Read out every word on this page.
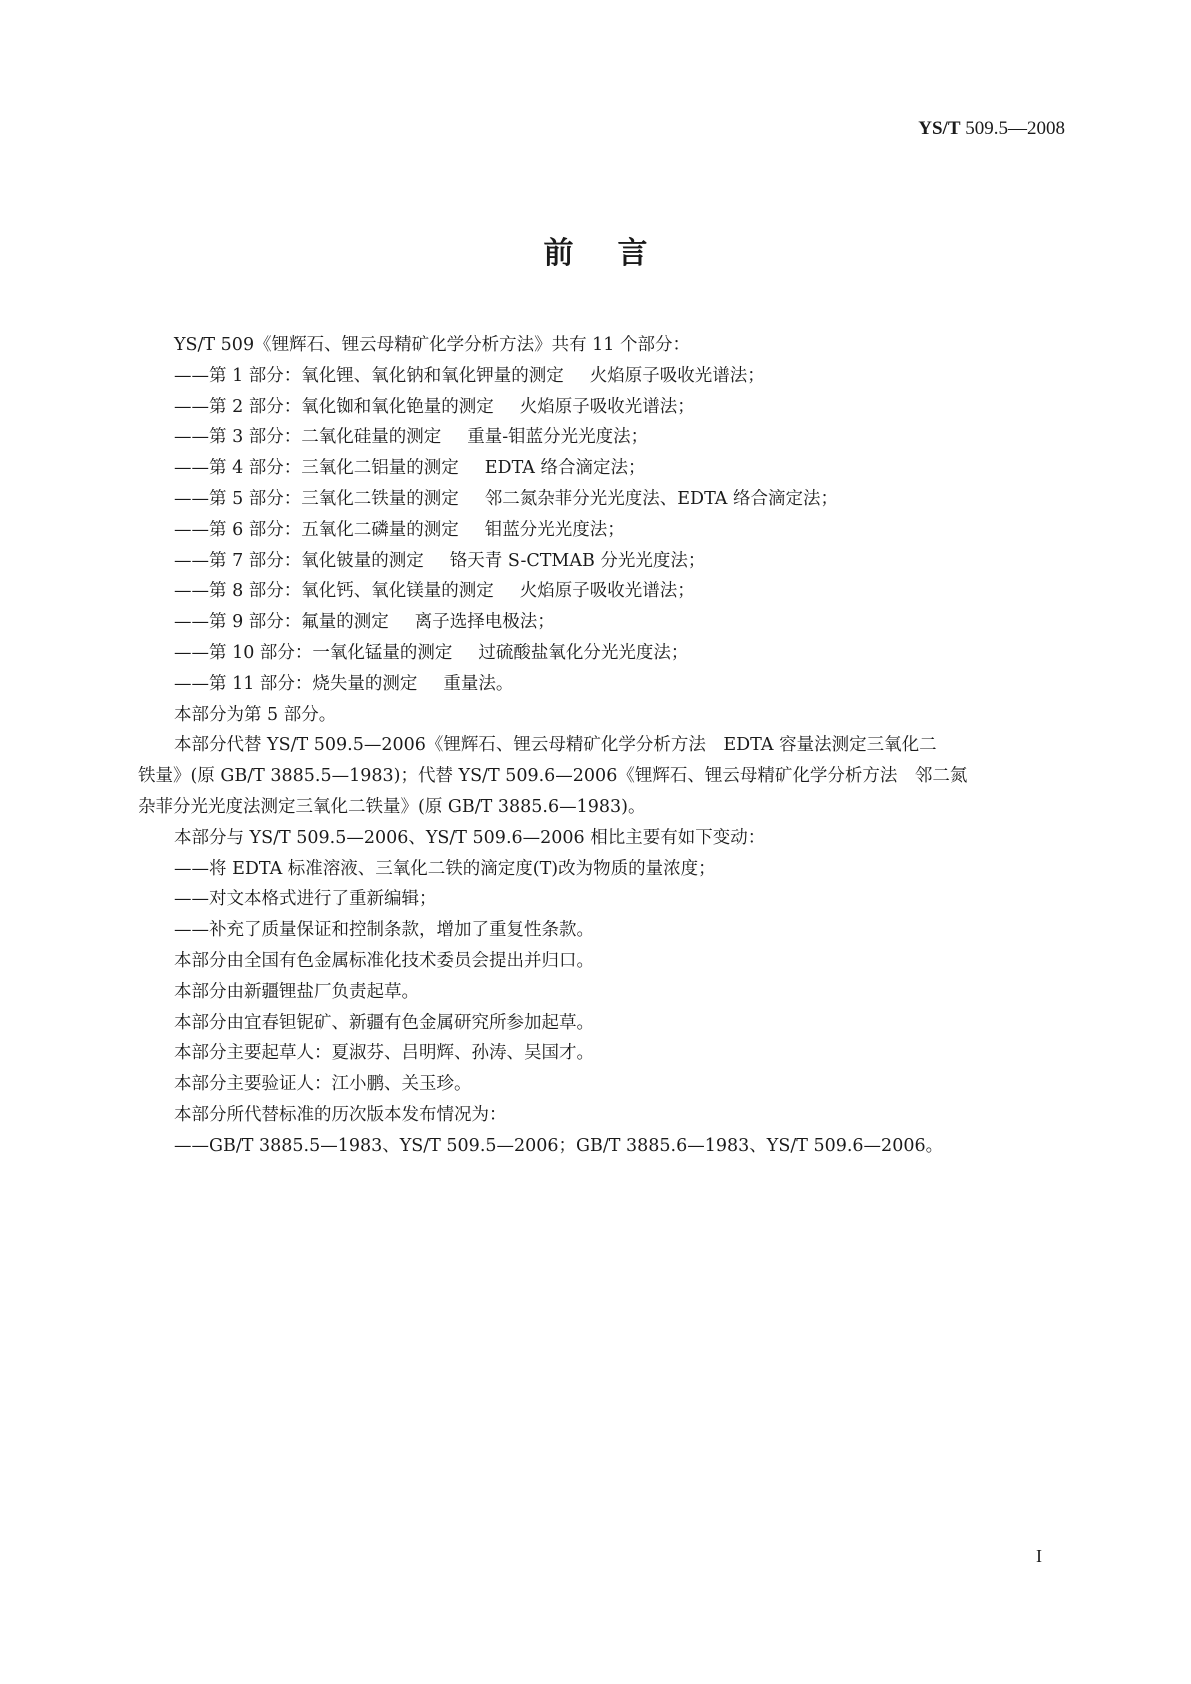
YS/T 509.5—2008
前言
YS/T 509《锂辉石、锂云母精矿化学分析方法》共有 11 个部分：
——第 1 部分：氧化锂、氧化钠和氧化钾量的测定 火焰原子吸收光谱法；
——第 2 部分：氧化铷和氧化铯量的测定 火焰原子吸收光谱法；
——第 3 部分：二氧化硅量的测定 重量-钼蓝分光光度法；
——第 4 部分：三氧化二铝量的测定 EDTA 络合滴定法；
——第 5 部分：三氧化二铁量的测定 邻二氮杂菲分光光度法、EDTA 络合滴定法；
——第 6 部分：五氧化二磷量的测定 钼蓝分光光度法；
——第 7 部分：氧化铍量的测定 铬天青 S-CTMAB 分光光度法；
——第 8 部分：氧化钙、氧化镁量的测定 火焰原子吸收光谱法；
——第 9 部分：氟量的测定 离子选择电极法；
——第 10 部分：一氧化锰量的测定 过硫酸盐氧化分光光度法；
——第 11 部分：烧失量的测定 重量法。
本部分为第 5 部分。
本部分代替 YS/T 509.5—2006《锂辉石、锂云母精矿化学分析方法　EDTA 容量法测定三氧化二
铁量》(原 GB/T 3885.5—1983)；代替 YS/T 509.6—2006《锂辉石、锂云母精矿化学分析方法　邻二氮
杂菲分光光度法测定三氧化二铁量》(原 GB/T 3885.6—1983)。
本部分与 YS/T 509.5—2006、YS/T 509.6—2006 相比主要有如下变动：
——将 EDTA 标准溶液、三氧化二铁的滴定度(T)改为物质的量浓度；
——对文本格式进行了重新编辑；
——补充了质量保证和控制条款，增加了重复性条款。
本部分由全国有色金属标准化技术委员会提出并归口。
本部分由新疆锂盐厂负责起草。
本部分由宜春钽铌矿、新疆有色金属研究所参加起草。
本部分主要起草人：夏淑芬、吕明辉、孙涛、吴国才。
本部分主要验证人：江小鹏、关玉珍。
本部分所代替标准的历次版本发布情况为：
——GB/T 3885.5—1983、YS/T 509.5—2006；GB/T 3885.6—1983、YS/T 509.6—2006。
I
